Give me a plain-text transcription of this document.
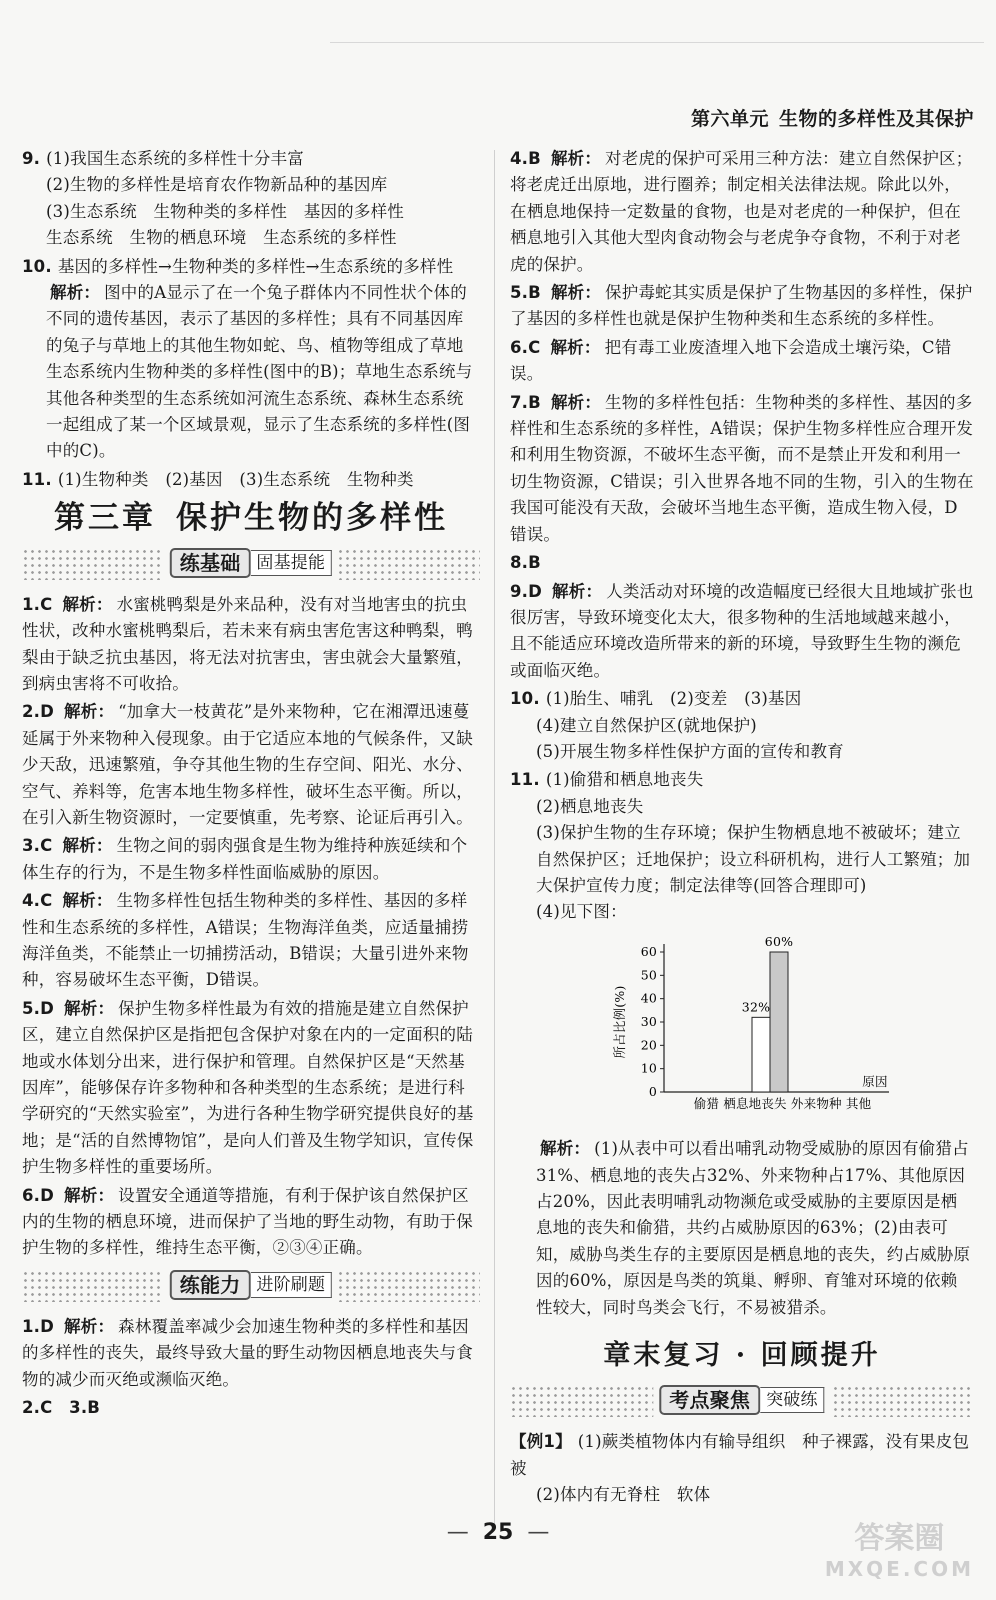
第六单元 生物的多样性及其保护
9. (1)我国生态系统的多样性十分丰富
(2)生物的多样性是培育农作物新品种的基因库
(3)生态系统　生物种类的多样性　基因的多样性
生态系统　生物的栖息环境　生态系统的多样性
10. 基因的多样性→生物种类的多样性→生态系统的多样性
解析： 图中的A显示了在一个兔子群体内不同性状个体的不同的遗传基因，表示了基因的多样性；具有不同基因库的兔子与草地上的其他生物如蛇、鸟、植物等组成了草地生态系统内生物种类的多样性(图中的B)；草地生态系统与其他各种类型的生态系统如河流生态系统、森林生态系统一起组成了某一个区域景观，显示了生态系统的多样性(图中的C)。
11. (1)生物种类　(2)基因　(3)生态系统　生物种类
第三章 保护生物的多样性
练基础 固基提能
1.C 解析： 水蜜桃鸭梨是外来品种，没有对当地害虫的抗虫性状，改种水蜜桃鸭梨后，若未来有病虫害危害这种鸭梨，鸭梨由于缺乏抗虫基因，将无法对抗害虫，害虫就会大量繁殖，到病虫害将不可收拾。
2.D 解析： “加拿大一枝黄花”是外来物种，它在湘潭迅速蔓延属于外来物种入侵现象。由于它适应本地的气候条件，又缺少天敌，迅速繁殖，争夺其他生物的生存空间、阳光、水分、空气、养料等，危害本地生物多样性，破坏生态平衡。所以，在引入新生物资源时，一定要慎重，先考察、论证后再引入。
3.C 解析： 生物之间的弱肉强食是生物为维持种族延续和个体生存的行为，不是生物多样性面临威胁的原因。
4.C 解析： 生物多样性包括生物种类的多样性、基因的多样性和生态系统的多样性，A错误；生物海洋鱼类，应适量捕捞海洋鱼类，不能禁止一切捕捞活动，B错误；大量引进外来物种，容易破坏生态平衡，D错误。
5.D 解析： 保护生物多样性最为有效的措施是建立自然保护区，建立自然保护区是指把包含保护对象在内的一定面积的陆地或水体划分出来，进行保护和管理。自然保护区是“天然基因库”，能够保存许多物种和各种类型的生态系统；是进行科学研究的“天然实验室”，为进行各种生物学研究提供良好的基地；是“活的自然博物馆”，是向人们普及生物学知识，宣传保护生物多样性的重要场所。
6.D 解析： 设置安全通道等措施，有利于保护该自然保护区内的生物的栖息环境，进而保护了当地的野生动物，有助于保护生物的多样性，维持生态平衡，②③④正确。
练能力 进阶刷题
1.D 解析： 森林覆盖率减少会加速生物种类的多样性和基因的多样性的丧失，最终导致大量的野生动物因栖息地丧失与食物的减少而灭绝或濒临灭绝。
2.C　3.B
4.B 解析： 对老虎的保护可采用三种方法：建立自然保护区；将老虎迁出原地，进行圈养；制定相关法律法规。除此以外，在栖息地保持一定数量的食物，也是对老虎的一种保护，但在栖息地引入其他大型肉食动物会与老虎争夺食物，不利于对老虎的保护。
5.B 解析： 保护毒蛇其实质是保护了生物基因的多样性，保护了基因的多样性也就是保护生物种类和生态系统的多样性。
6.C 解析： 把有毒工业废渣埋入地下会造成土壤污染，C错误。
7.B 解析： 生物的多样性包括：生物种类的多样性、基因的多样性和生态系统的多样性，A错误；保护生物多样性应合理开发和利用生物资源，不破坏生态平衡，而不是禁止开发和利用一切生物资源，C错误；引入世界各地不同的生物，引入的生物在我国可能没有天敌，会破坏当地生态平衡，造成生物入侵，D错误。
8.B
9.D 解析： 人类活动对环境的改造幅度已经很大且地域扩张也很厉害，导致环境变化太大，很多物种的生活地域越来越小，且不能适应环境改造所带来的新的环境，导致野生生物的濒危或面临灭绝。
10. (1)胎生、哺乳　(2)变差　(3)基因
(4)建立自然保护区(就地保护)
(5)开展生物多样性保护方面的宣传和教育
11. (1)偷猎和栖息地丧失
(2)栖息地丧失
(3)保护生物的生存环境；保护生物栖息地不被破坏；建立自然保护区；迁地保护；设立科研机构，进行人工繁殖；加大保护宣传力度；制定法律等(回答合理即可)
(4)见下图：
0
10
20
30
40
50
60
所占比例(%)	32%
60%
原因
偷猎 栖息地丧失 外来物种 其他
解析： (1)从表中可以看出哺乳动物受威胁的原因有偷猎占31%、栖息地的丧失占32%、外来物种占17%、其他原因占20%，因此表明哺乳动物濒危或受威胁的主要原因是栖息地的丧失和偷猎，共约占威胁原因的63%；(2)由表可知，威胁鸟类生存的主要原因是栖息地的丧失，约占威胁原因的60%，原因是鸟类的筑巢、孵卵、育雏对环境的依赖性较大，同时鸟类会飞行，不易被猎杀。
章末复习 · 回顾提升
考点聚焦 突破练
【例1】 (1)蕨类植物体内有输导组织　种子裸露，没有果皮包被
(2)体内有无脊柱　软体
— 25 —	答案圈
MXQE.COM
